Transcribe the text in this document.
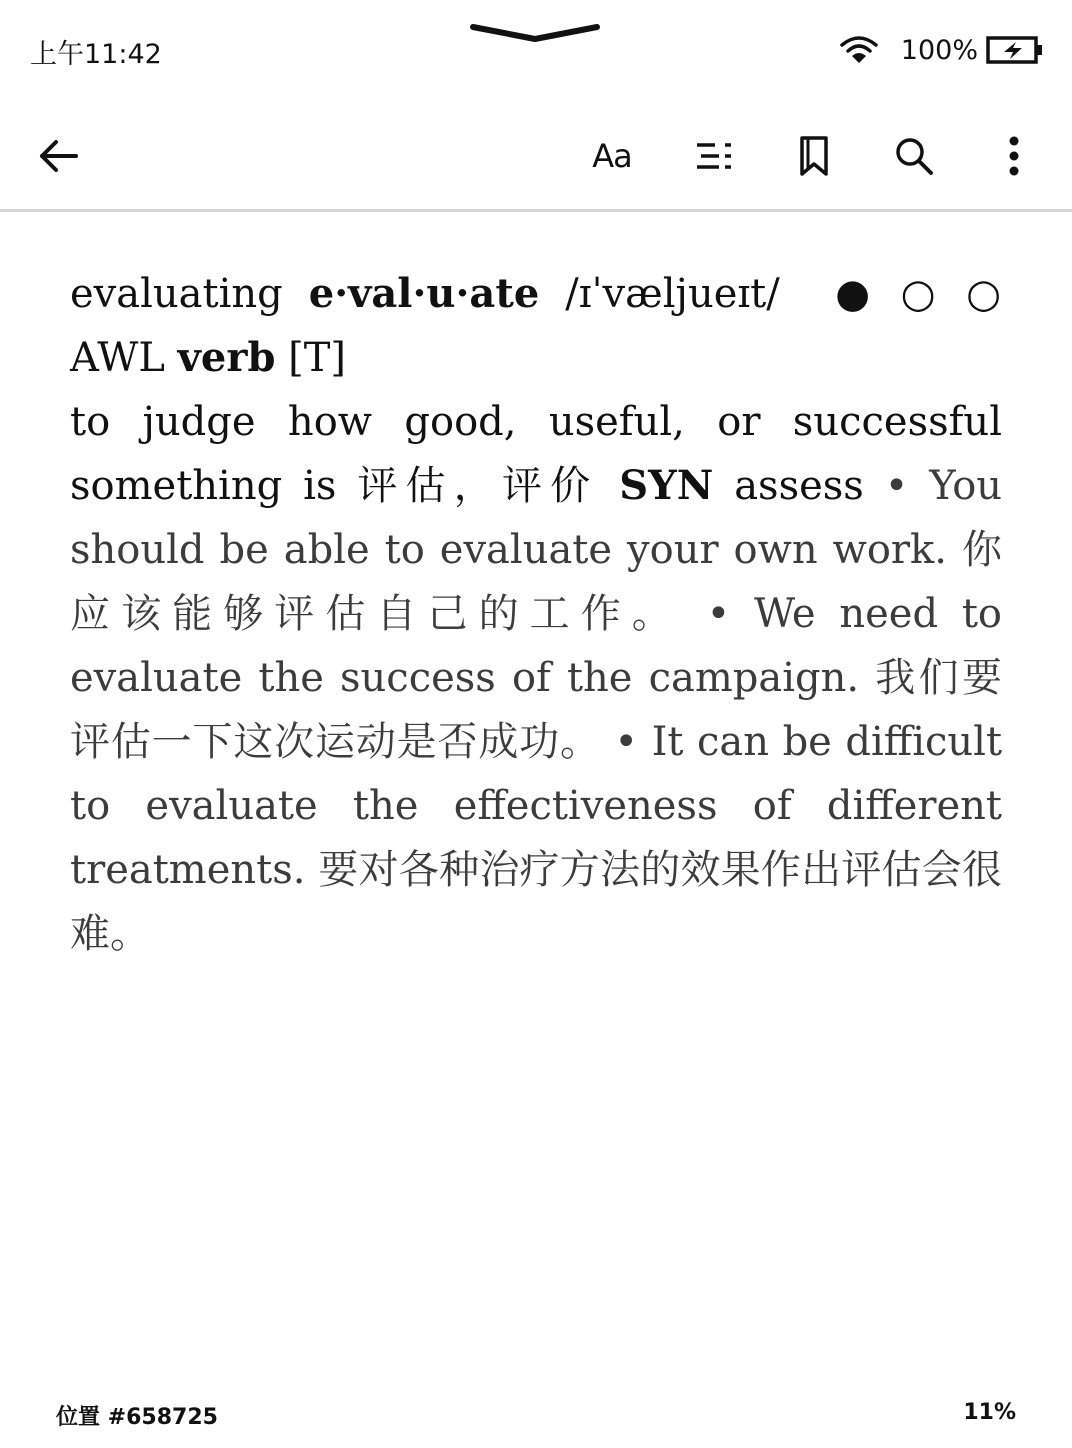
上午11:42	100%
Aa
evaluating e·val·u·ate /ɪˈvæljueɪt/ ●○○ AWL verb [T]
to judge how good, useful, or successful something is 评估，评价 SYN assess • You should be able to evaluate your own work. 你应该能够评估自己的工作。 • We need to evaluate the success of the campaign. 我们要评估一下这次运动是否成功。 • It can be difficult to evaluate the effectiveness of different treatments. 要对各种治疗方法的效果作出评估会很难。
位置 #658725	11%
